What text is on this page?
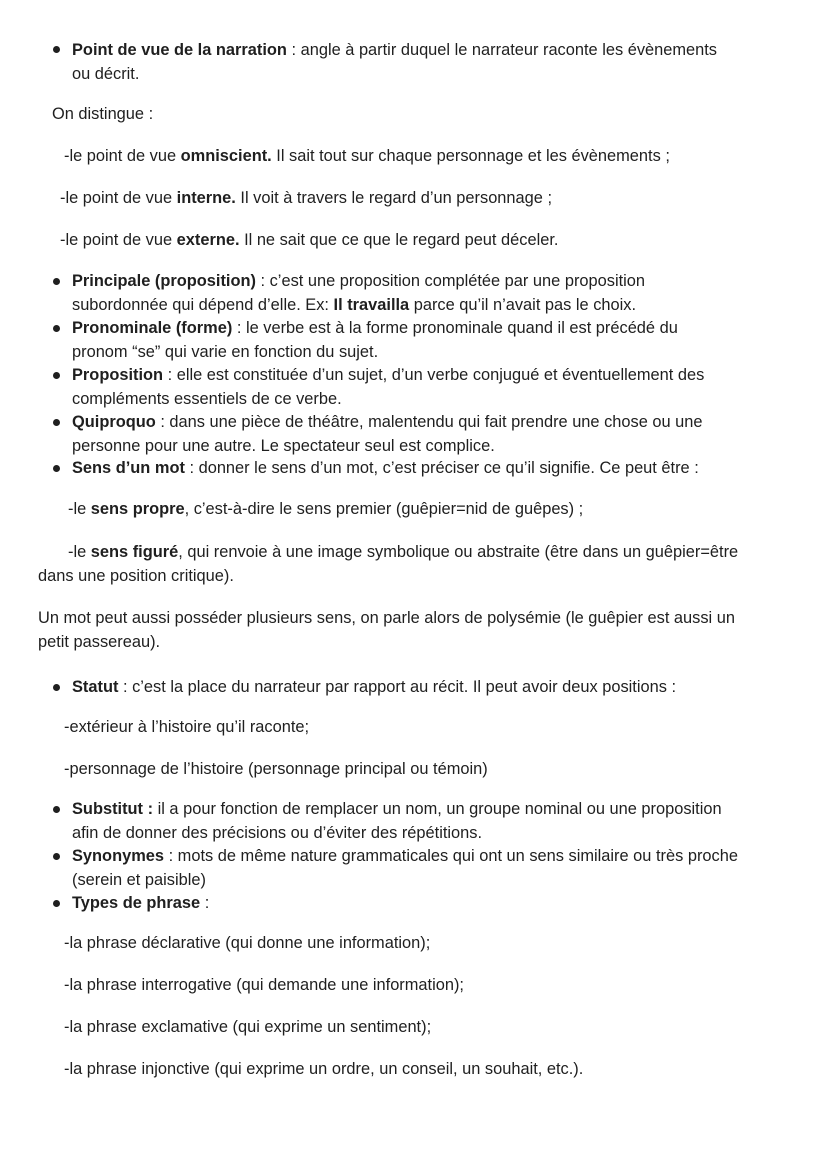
Point de vue de la narration : angle à partir duquel le narrateur raconte les évènements
ou décrit.
On distingue :
-le point de vue omniscient. Il sait tout sur chaque personnage et les évènements ;
-le point de vue interne. Il voit à travers le regard d’un personnage ;
-le point de vue externe. Il ne sait que ce que le regard peut déceler.
Principale (proposition) : c’est une proposition complétée par une proposition
subordonnée qui dépend d’elle. Ex: Il travailla parce qu’il n’avait pas le choix.
Pronominale (forme) : le verbe est à la forme pronominale quand il est précédé du
pronom “se” qui varie en fonction du sujet.
Proposition : elle est constituée d’un sujet, d’un verbe conjugué et éventuellement des
compléments essentiels de ce verbe.
Quiproquo : dans une pièce de théâtre, malentendu qui fait prendre une chose ou une
personne pour une autre. Le spectateur seul est complice.
Sens d’un mot : donner le sens d’un mot, c’est préciser ce qu’il signifie. Ce peut être :
-le sens propre, c’est-à-dire le sens premier (guêpier=nid de guêpes) ;
-le sens figuré, qui renvoie à une image symbolique ou abstraite (être dans un guêpier=être
dans une position critique).
Un mot peut aussi posséder plusieurs sens, on parle alors de polysémie (le guêpier est aussi un
petit passereau).
Statut : c’est la place du narrateur par rapport au récit. Il peut avoir deux positions :
-extérieur à l’histoire qu’il raconte;
-personnage de l’histoire (personnage principal ou témoin)
Substitut : il a pour fonction de remplacer un nom, un groupe nominal ou une proposition
afin de donner des précisions ou d’éviter des répétitions.
Synonymes : mots de même nature grammaticales qui ont un sens similaire ou très proche
(serein et paisible)
Types de phrase :
-la phrase déclarative (qui donne une information);
-la phrase interrogative (qui demande une information);
-la phrase exclamative (qui exprime un sentiment);
-la phrase injonctive (qui exprime un ordre, un conseil, un souhait, etc.).
